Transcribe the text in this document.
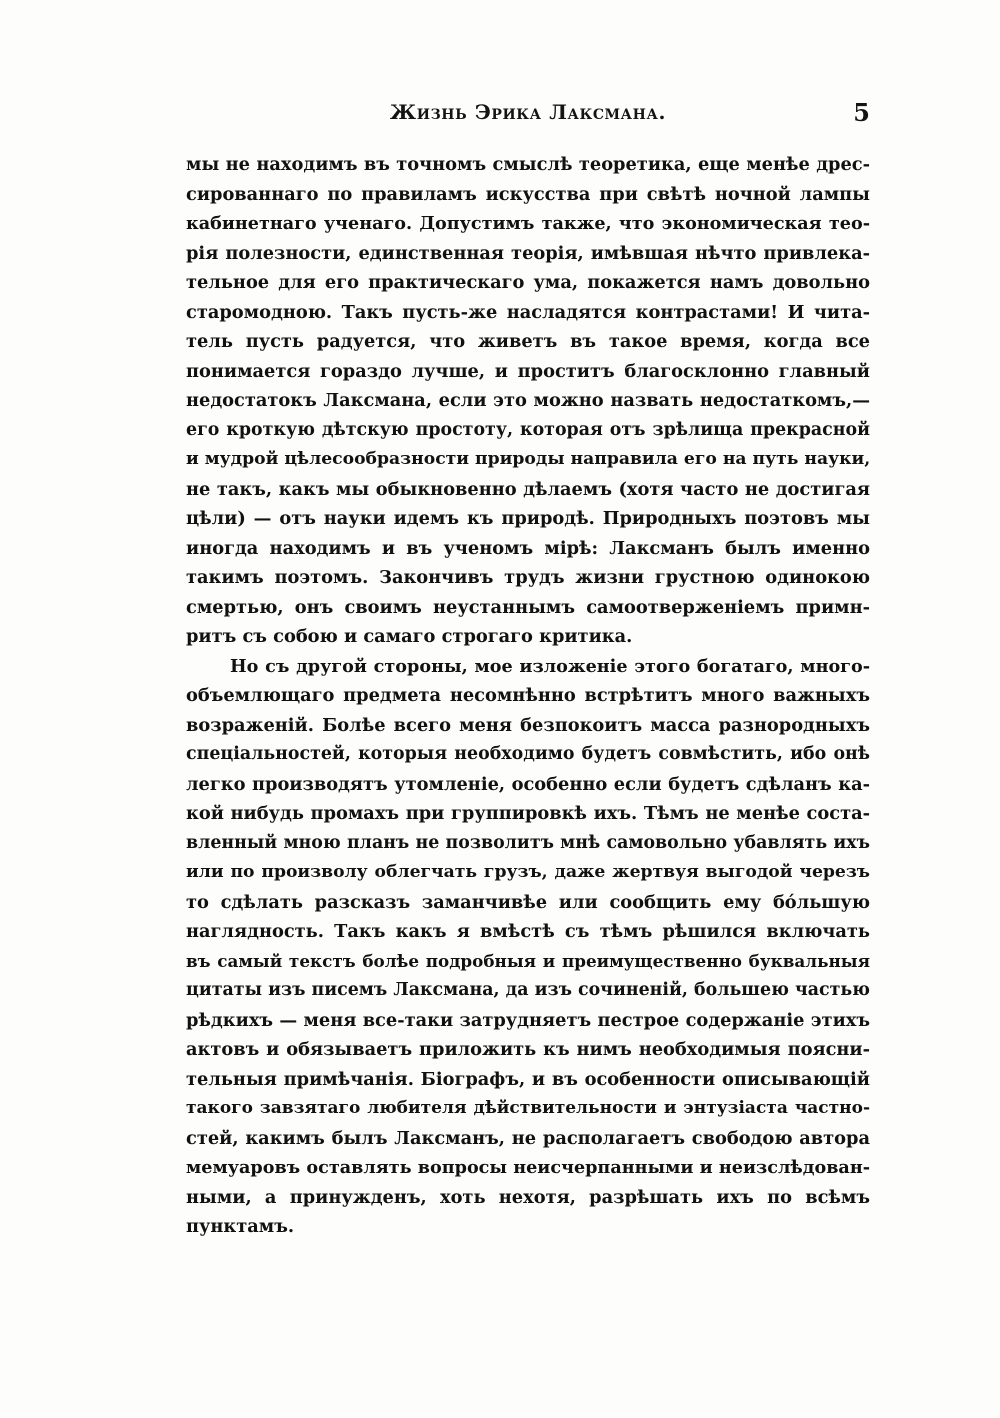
Жизнь Эрика Лаксмана.	5
мы не находимъ въ точномъ смыслѣ теоретика, еще менѣе дрес-
сированнаго по правиламъ искусства при свѣтѣ ночной лампы
кабинетнаго ученаго. Допустимъ также, что экономическая тео-
рія полезности, единственная теорія, имѣвшая нѣчто привлека-
тельное для его практическаго ума, покажется намъ довольно
старомодною. Такъ пусть-же насладятся контрастами! И чита-
тель пусть радуется, что живетъ въ такое время, когда все
понимается гораздо лучше, и проститъ благосклонно главный
недостатокъ Лаксмана, если это можно назвать недостаткомъ,—
его кроткую дѣтскую простоту, которая отъ зрѣлища прекрасной
и мудрой цѣлесообразности природы направила его на путь науки,
не такъ, какъ мы обыкновенно дѣлаемъ (хотя часто не достигая
цѣли) — отъ науки идемъ къ природѣ. Природныхъ поэтовъ мы
иногда находимъ и въ ученомъ мірѣ: Лаксманъ былъ именно
такимъ поэтомъ. Закончивъ трудъ жизни грустною одинокою
смертью, онъ своимъ неустаннымъ самоотверженіемъ примн-
ритъ съ собою и самаго строгаго критика.
Но съ другой стороны, мое изложеніе этого богатаго, много-
объемлющаго предмета несомнѣнно встрѣтитъ много важныхъ
возраженій. Болѣе всего меня безпокоитъ масса разнородныхъ
спеціальностей, которыя необходимо будетъ совмѣстить, ибо онѣ
легко производятъ утомленіе, особенно если будетъ сдѣланъ ка-
кой нибудь промахъ при группировкѣ ихъ. Тѣмъ не менѣе соста-
вленный мною планъ не позволитъ мнѣ самовольно убавлять ихъ
или по произволу облегчать грузъ, даже жертвуя выгодой черезъ
то сдѣлать разсказъ заманчивѣе или сообщить ему бóльшую
наглядность. Такъ какъ я вмѣстѣ съ тѣмъ рѣшился включать
въ самый текстъ болѣе подробныя и преимущественно буквальныя
цитаты изъ писемъ Лаксмана, да изъ сочиненій, большею частью
рѣдкихъ — меня все-таки затрудняетъ пестрое содержаніе этихъ
актовъ и обязываетъ приложить къ нимъ необходимыя поясни-
тельныя примѣчанія. Біографъ, и въ особенности описывающій
такого завзятаго любителя дѣйствительности и энтузіаста частно-
стей, какимъ былъ Лаксманъ, не располагаетъ свободою автора
мемуаровъ оставлять вопросы неисчерпанными и неизслѣдован-
ными, а принужденъ, хоть нехотя, разрѣшать ихъ по всѣмъ
пунктамъ.
